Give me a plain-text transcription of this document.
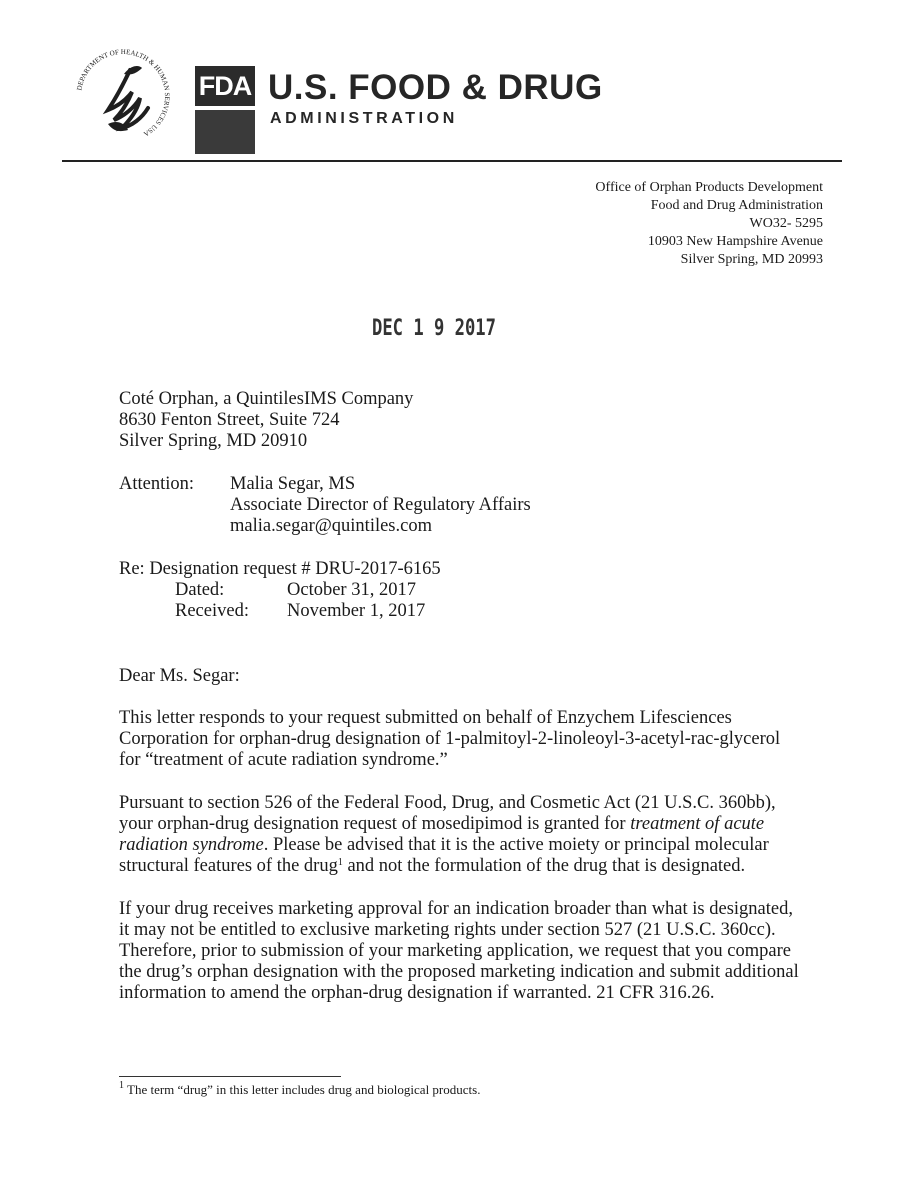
DEPARTMENT OF HEALTH & HUMAN SERVICES USA
FDA U.S. FOOD & DRUG
ADMINISTRATION
Office of Orphan Products Development
Food and Drug Administration
WO32- 5295
10903 New Hampshire Avenue
Silver Spring, MD 20993
DEC 1 9 2017
Coté Orphan, a QuintilesIMS Company
8630 Fenton Street, Suite 724
Silver Spring, MD 20910
Attention: Malia Segar, MS
Associate Director of Regulatory Affairs
malia.segar@quintiles.com
Re: Designation request # DRU-2017-6165
Dated:	October 31, 2017
Received: November 1, 2017
Dear Ms. Segar:
This letter responds to your request submitted on behalf of Enzychem Lifesciences
Corporation for orphan-drug designation of 1-palmitoyl-2-linoleoyl-3-acetyl-rac-glycerol
for “treatment of acute radiation syndrome.”
Pursuant to section 526 of the Federal Food, Drug, and Cosmetic Act (21 U.S.C. 360bb),
your orphan-drug designation request of mosedipimod is granted for treatment of acute
radiation syndrome. Please be advised that it is the active moiety or principal molecular
structural features of the drug$^1$ and not the formulation of the drug that is designated.
If your drug receives marketing approval for an indication broader than what is designated,
it may not be entitled to exclusive marketing rights under section 527 (21 U.S.C. 360cc).
Therefore, prior to submission of your marketing application, we request that you compare
the drug’s orphan designation with the proposed marketing indication and submit additional
information to amend the orphan-drug designation if warranted. 21 CFR 316.26.
$^1$ The term “drug” in this letter includes drug and biological products.
